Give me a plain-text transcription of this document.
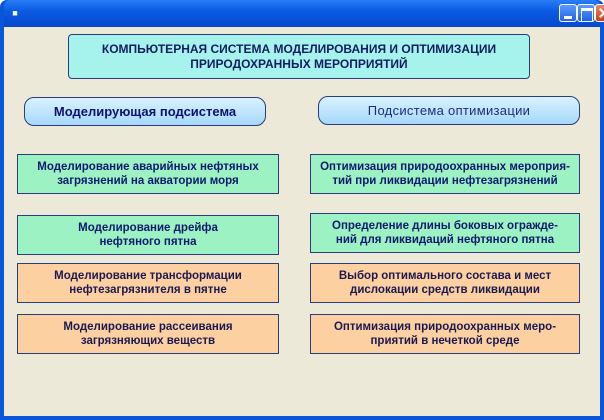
■
КОМПЬЮТЕРНАЯ СИСТЕМА МОДЕЛИРОВАНИЯ И ОПТИМИЗАЦИИ
ПРИРОДОХРАННЫХ МЕРОПРИЯТИЙ
Моделирующая подсистема	Подсистема оптимизации
Моделирование аварийных нефтяных
загрязнений на акватории моря
Моделирование дрейфа
нефтяного пятна
Моделирование трансформации
нефтезагрязнителя в пятне
Моделирование рассеивания
загрязняющих веществ
Оптимизация природоохранных мероприя-
тий при ликвидации нефтезагрязнений
Определение длины боковых огражде-
ний для ликвидаций нефтяного пятна
Выбор оптимального состава и мест
дислокации средств ликвидации
Оптимизация природоохранных меро-
приятий в нечеткой среде
